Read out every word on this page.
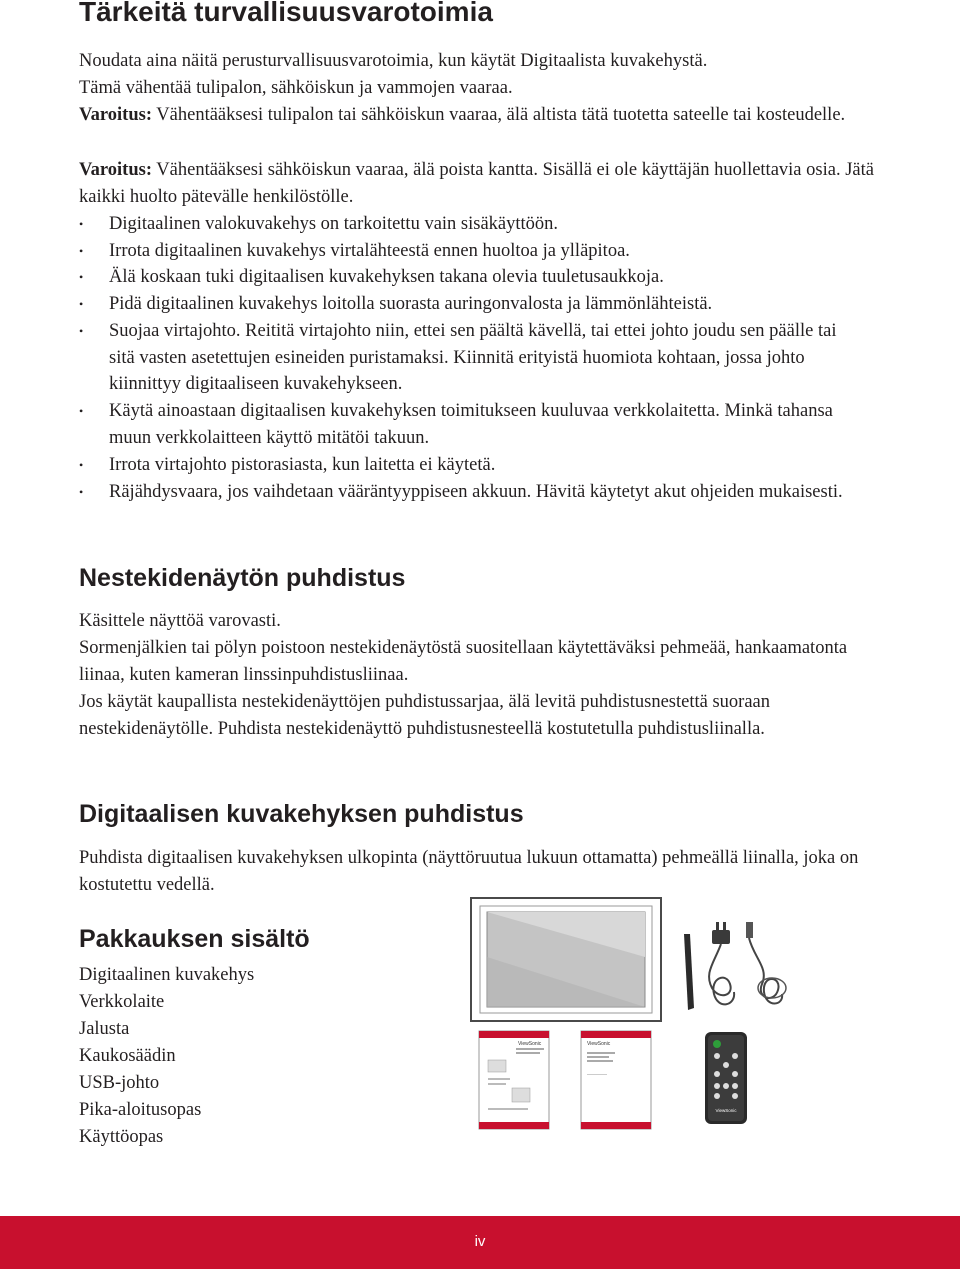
Tärkeitä turvallisuusvarotoimia

Noudata aina näitä perusturvallisuusvarotoimia, kun käytät Digitaalista kuvakehystä.

Tämä vähentää tulipalon, sähköiskun ja vammojen vaaraa.

Varoitus: Vähentääksesi tulipalon tai sähköiskun vaaraa, älä altista tätä tuotetta sateelle tai kosteudelle.

Varoitus: Vähentääksesi sähköiskun vaaraa, älä poista kantta. Sisällä ei ole käyttäjän huollettavia osia. Jätä kaikki huolto pätevälle henkilöstölle.

•	Digitaalinen valokuvakehys on tarkoitettu vain sisäkäyttöön.
•	Irrota digitaalinen kuvakehys virtalähteestä ennen huoltoa ja ylläpitoa.
•	Älä koskaan tuki digitaalisen kuvakehyksen takana olevia tuuletusaukkoja.
•	Pidä digitaalinen kuvakehys loitolla suorasta auringonvalosta ja lämmönlähteistä.
•	Suojaa virtajohto. Reititä virtajohto niin, ettei sen päältä kävellä, tai ettei johto joudu sen päälle tai sitä vasten asetettujen esineiden puristamaksi. Kiinnitä erityistä huomiota kohtaan, jossa johto kiinnittyy digitaaliseen kuvakehykseen.
•	Käytä ainoastaan digitaalisen kuvakehyksen toimitukseen kuuluvaa verkkolaitetta. Minkä tahansa muun verkkolaitteen käyttö mitätöi takuun.
•	Irrota virtajohto pistorasiasta, kun laitetta ei käytetä.
•	Räjähdysvaara, jos vaihdetaan vääräntyyppiseen akkuun. Hävitä käytetyt akut ohjeiden mukaisesti.
Nestekidenäytön puhdistus

Käsittele näyttöä varovasti.

Sormenjälkien tai pölyn poistoon nestekidenäytöstä suositellaan käytettäväksi pehmeää, hankaamatonta liinaa, kuten kameran linssinpuhdistusliinaa.

Jos käytät kaupallista nestekidenäyttöjen puhdistussarjaa, älä levitä puhdistusnestettä suoraan nestekidenäytölle. Puhdista nestekidenäyttö puhdistusnesteellä kostutetulla puhdistusliinalla.

Digitaalisen kuvakehyksen puhdistus

Puhdista digitaalisen kuvakehyksen ulkopinta (näyttöruutua lukuun ottamatta) pehmeällä liinalla, joka on kostutettu vedellä.

Pakkauksen sisältö
Digitaalinen kuvakehys
Verkkolaite
Jalusta
Kaukosäädin
USB-johto
Pika-aloitusopas
Käyttöopas
ViewSonic	ViewSonic
ViewSonic
iv
